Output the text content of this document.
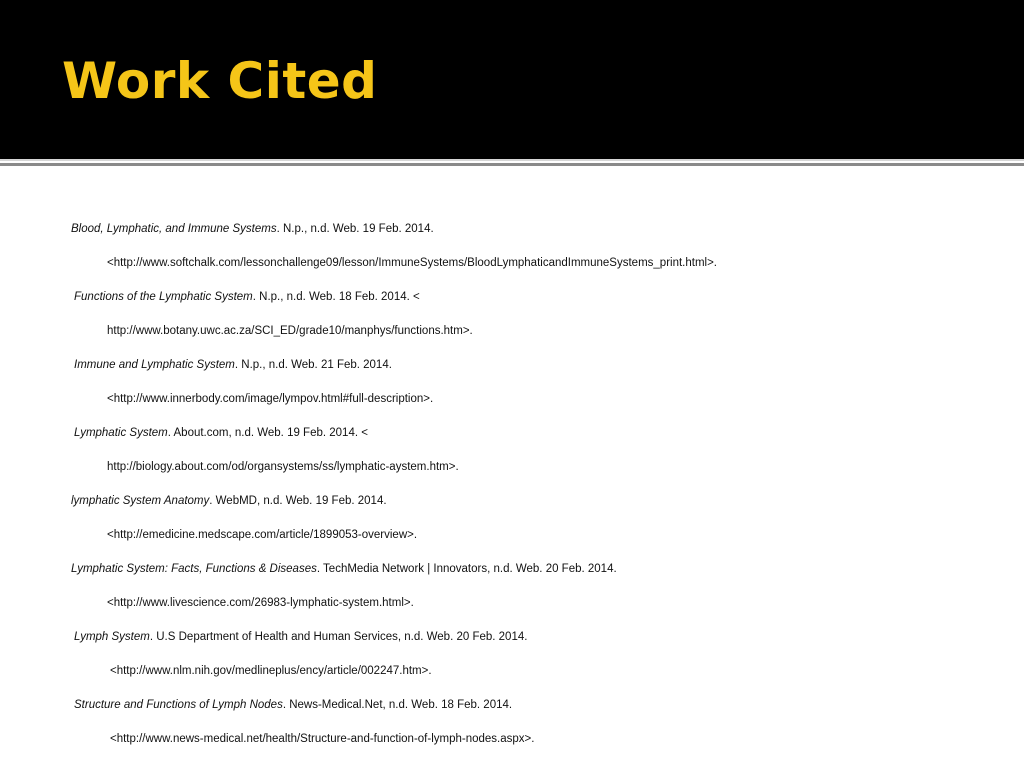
Work Cited
Blood, Lymphatic, and Immune Systems. N.p., n.d. Web. 19 Feb. 2014.
<http://www.softchalk.com/lessonchallenge09/lesson/ImmuneSystems/BloodLymphaticandImmuneSystems_print.html>.
Functions of the Lymphatic System. N.p., n.d. Web. 18 Feb. 2014. <
http://www.botany.uwc.ac.za/SCI_ED/grade10/manphys/functions.htm>.
Immune and Lymphatic System. N.p., n.d. Web. 21 Feb. 2014.
<http://www.innerbody.com/image/lympov.html#full-description>.
Lymphatic System. About.com, n.d. Web. 19 Feb. 2014. <
http://biology.about.com/od/organsystems/ss/lymphatic-aystem.htm>.
lymphatic System Anatomy. WebMD, n.d. Web. 19 Feb. 2014.
<http://emedicine.medscape.com/article/1899053-overview>.
Lymphatic System: Facts, Functions & Diseases. TechMedia Network | Innovators, n.d. Web. 20 Feb. 2014.
<http://www.livescience.com/26983-lymphatic-system.html>.
Lymph System. U.S Department of Health and Human Services, n.d. Web. 20 Feb. 2014.
<http://www.nlm.nih.gov/medlineplus/ency/article/002247.htm>.
Structure and Functions of Lymph Nodes. News-Medical.Net, n.d. Web. 18 Feb. 2014.
<http://www.news-medical.net/health/Structure-and-function-of-lymph-nodes.aspx>.
